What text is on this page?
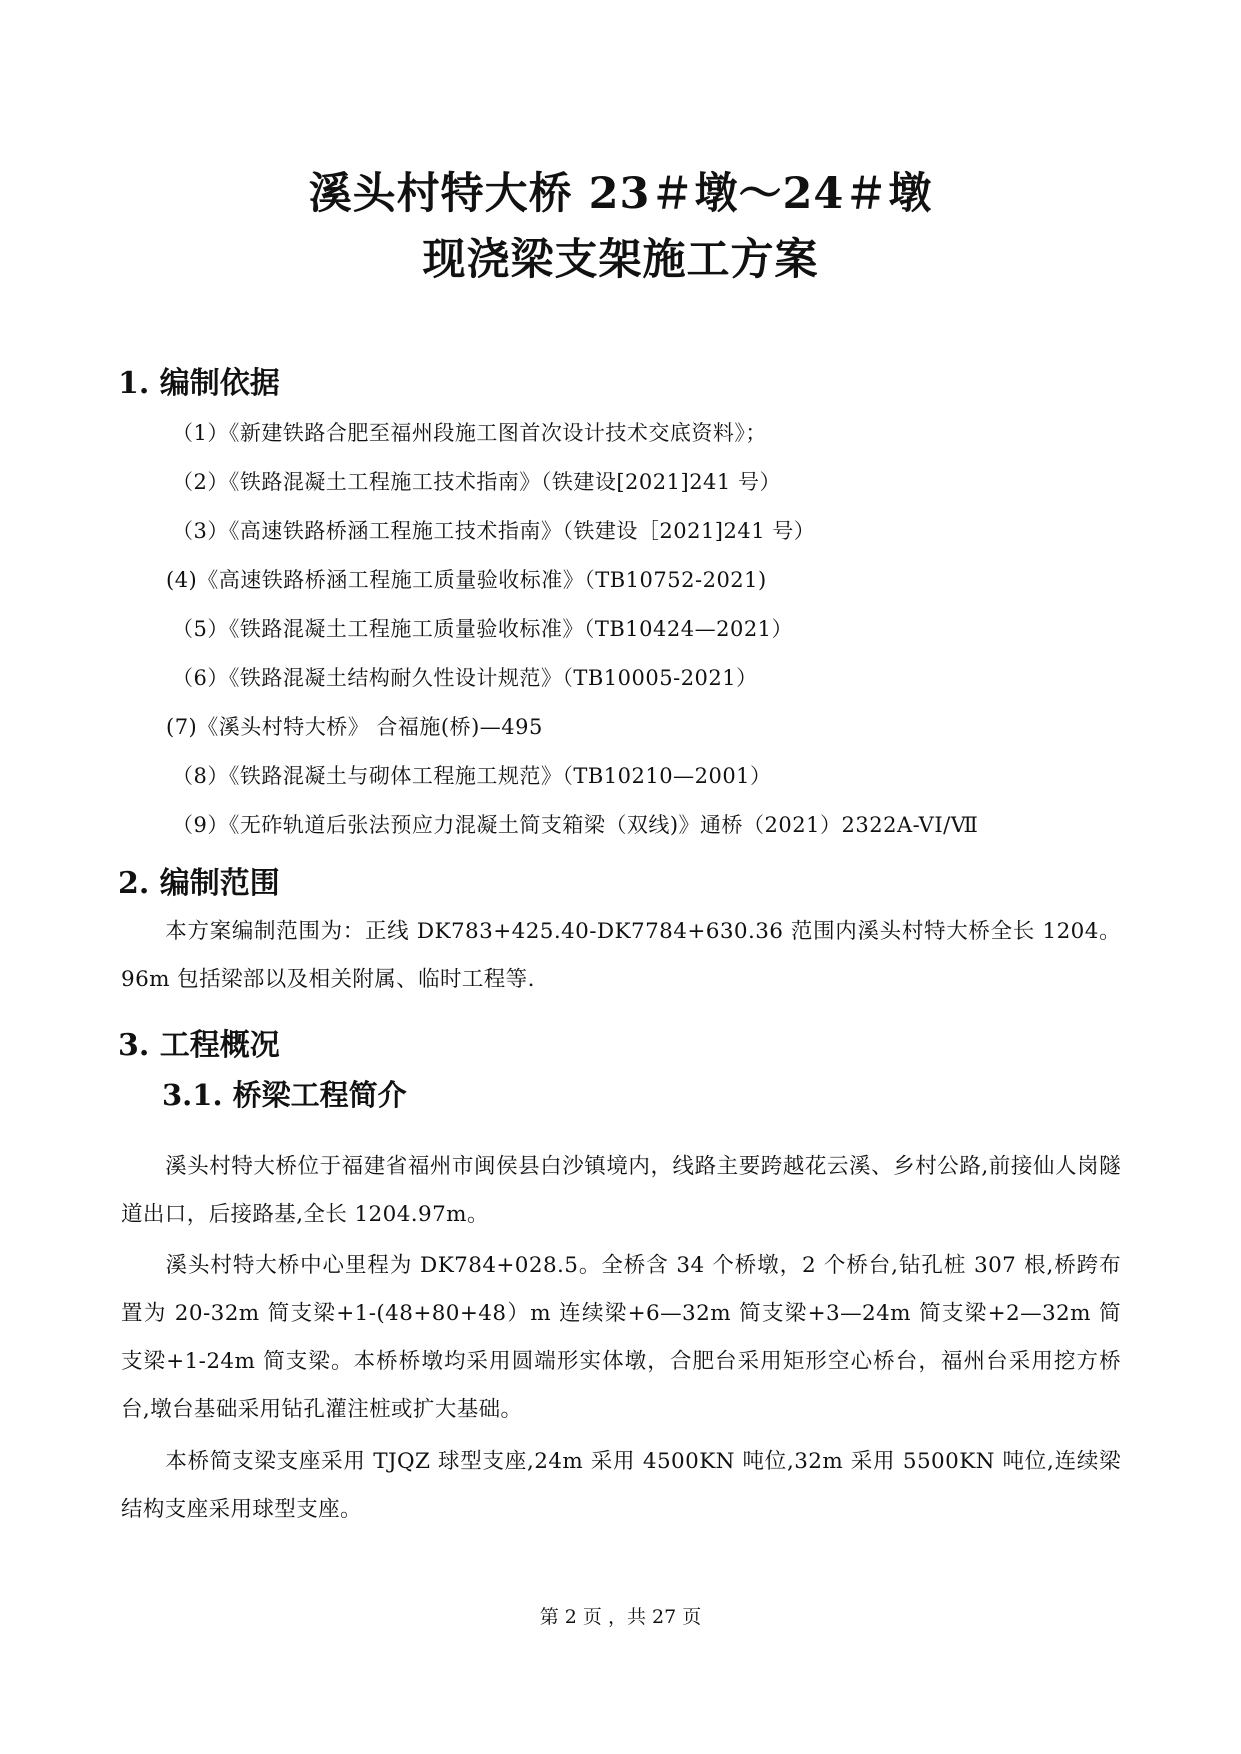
溪头村特大桥 23＃墩～24＃墩
现浇梁支架施工方案
1. 编制依据
（1）《新建铁路合肥至福州段施工图首次设计技术交底资料》；
（2）《铁路混凝土工程施工技术指南》（铁建设[2021]241 号）
（3）《高速铁路桥涵工程施工技术指南》（铁建设［2021]241 号）
(4)《高速铁路桥涵工程施工质量验收标准》（TB10752-2021)
（5）《铁路混凝土工程施工质量验收标准》（TB10424—2021）
（6）《铁路混凝土结构耐久性设计规范》（TB10005-2021）
(7)《溪头村特大桥》 合福施(桥)—495
（8）《铁路混凝土与砌体工程施工规范》（TB10210—2001）
（9）《无砟轨道后张法预应力混凝土简支箱梁（双线)》通桥（2021）2322A-VI/Ⅶ
2. 编制范围
本方案编制范围为：正线 DK783+425.40-DK7784+630.36 范围内溪头村特大桥全长 1204。96m 包括梁部以及相关附属、临时工程等.
3. 工程概况
3.1. 桥梁工程简介
溪头村特大桥位于福建省福州市闽侯县白沙镇境内，线路主要跨越花云溪、乡村公路,前接仙人岗隧道出口，后接路基,全长 1204.97m。
溪头村特大桥中心里程为 DK784+028.5。全桥含 34 个桥墩，2 个桥台,钻孔桩 307 根,桥跨布置为 20-32m 简支梁+1-(48+80+48）m 连续梁+6—32m 简支梁+3—24m 简支梁+2—32m 简支梁+1-24m 简支梁。本桥桥墩均采用圆端形实体墩，合肥台采用矩形空心桥台，福州台采用挖方桥台,墩台基础采用钻孔灌注桩或扩大基础。
本桥简支梁支座采用 TJQZ 球型支座,24m 采用 4500KN 吨位,32m 采用 5500KN 吨位,连续梁结构支座采用球型支座。
第 2 页 ，共 27 页
